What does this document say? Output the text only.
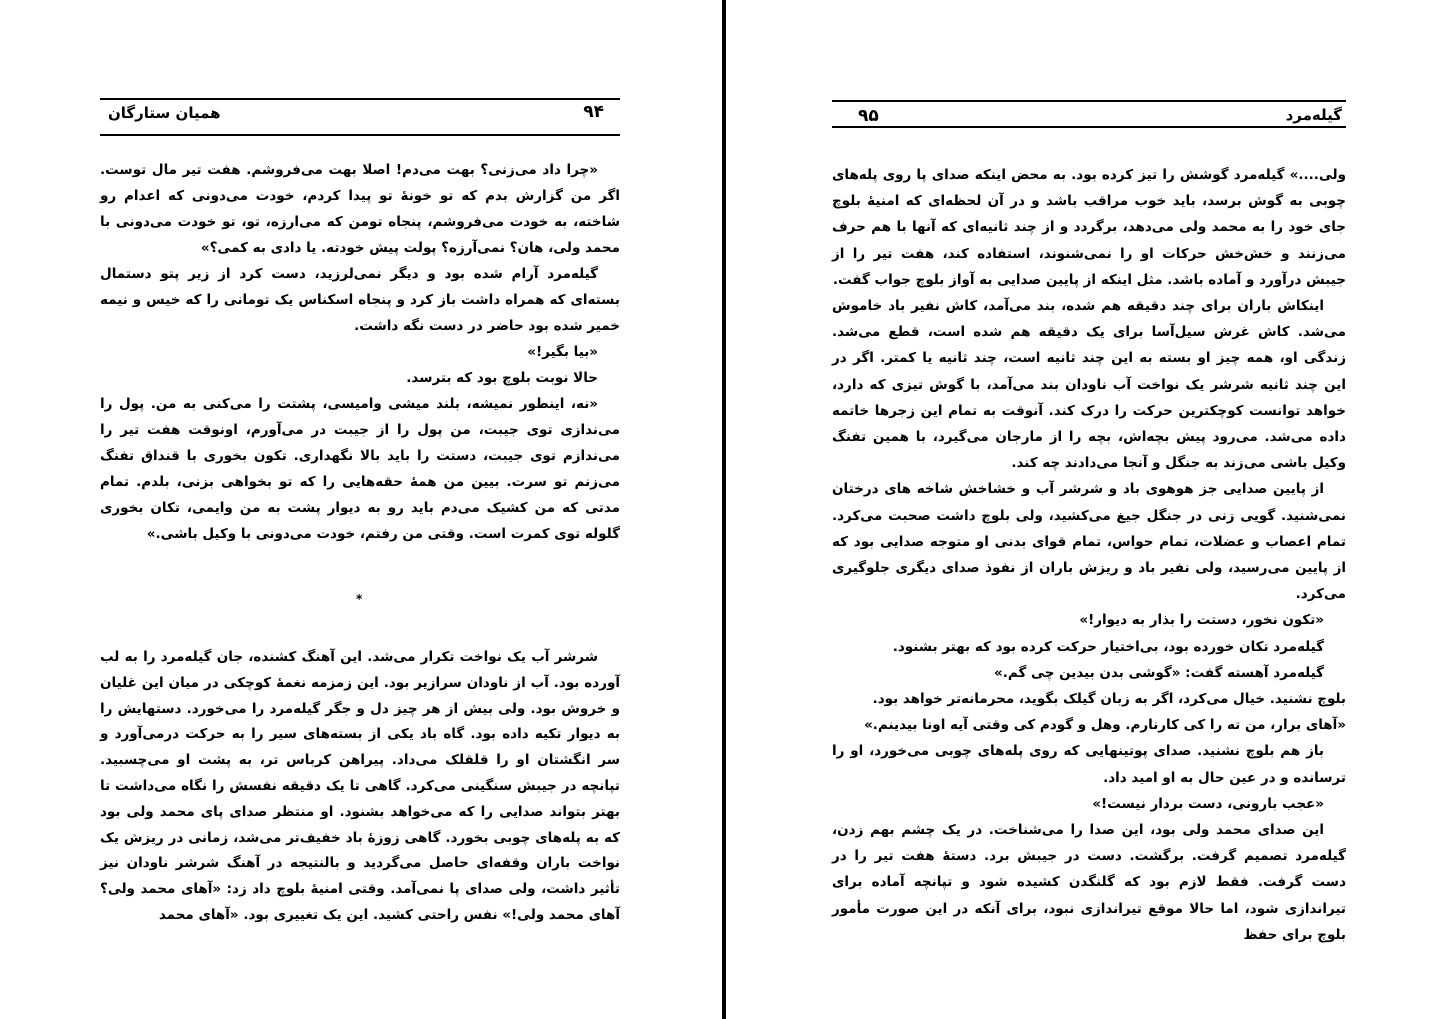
همیان ستارگان	۹۴

«چرا داد می‌زنی؟ بهت می‌دم! اصلا بهت می‌فروشم. هفت تیر مال توست. اگر من گزارش بدم که تو خونهٔ تو پیدا کردم، خودت می‌دونی که اعدام رو شاخته، به خودت می‌فروشم، پنجاه تومن که می‌ارزه، تو، تو خودت می‌دونی با محمد ولی، هان؟ نمی‌آرزه؟ پولت پیش خودته. یا دادی به کمی؟»

گیله‌مرد آرام شده بود و دیگر نمی‌لرزید، دست کرد از زیر پتو دستمال بسته‌ای که همراه داشت باز کرد و پنجاه اسکناس یک تومانی را که خیس و نیمه خمیر شده بود حاضر در دست نگه داشت.

«بیا بگیر!»

حالا نوبت بلوچ بود که بترسد.

«نه، اینطور نمیشه، بلند میشی وامیسی، پشتت را می‌کنی به من. پول را می‌ندازی توی جیبت، من پول را از جیبت در می‌آورم، اونوقت هفت تیر را می‌ندازم توی جیبت، دستت را باید بالا نگهداری. تکون بخوری با قنداق تفنگ می‌زنم تو سرت. بیین من همهٔ حقه‌هایی را که تو بخواهی بزنی، بلدم. تمام مدتی که من کشیک می‌دم باید رو به دیوار پشت به من وایمی، تکان بخوری گلوله توی کمرت است. وقتی من رفتم، خودت می‌دونی با وکیل باشی.»

*

شرشر آب یک نواخت تکرار می‌شد. این آهنگ کشنده، جان گیله‌مرد را به لب آورده بود. آب از ناودان سرازیر بود. این زمزمه نغمهٔ کوچکی در میان این غلیان و خروش بود. ولی بیش از هر چیز دل و جگر گیله‌مرد را می‌خورد. دستهایش را به دیوار تکیه داده بود. گاه باد یکی از بسته‌های سیر را به حرکت درمی‌آورد و سر انگشتان او را قلقلک می‌داد. پیراهن کرباس تر، به پشت او می‌چسبید. تپانچه در جیبش سنگینی می‌کرد. گاهی تا یک دقیقه نفسش را نگاه می‌داشت تا بهتر بتواند صدایی را که می‌خواهد بشنود. او منتظر صدای پای محمد ولی بود که به پله‌های چوبی بخورد. گاهی زوزهٔ باد خفیف‌تر می‌شد، زمانی در ریزش یک نواخت باران وقفه‌ای حاصل می‌گردید و بالنتیجه در آهنگ شرشر ناودان نیز تأثیر داشت، ولی صدای پا نمی‌آمد. وقتی امنیهٔ بلوچ داد زد: «آهای محمد ولی؟ آهای محمد ولی!» نفس راحتی کشید. این یک تغییری بود. «آهای محمد

گیله‌مرد
۹۵

ولی....» گیله‌مرد گوشش را تیز کرده بود. به محض اینکه صدای پا روی پله‌های چوبی به گوش برسد، باید خوب مراقب باشد و در آن لحظه‌ای که امنیهٔ بلوچ جای خود را به محمد ولی می‌دهد، برگردد و از چند ثانیه‌ای که آنها با هم حرف می‌زنند و خش‌خش حرکات او را نمی‌شنوند، استفاده کند، هفت تیر را از جیبش درآورد و آماده باشد. مثل اینکه از پایین صدایی به آواز بلوچ جواب گفت.

اینکاش باران برای چند دقیقه هم شده، بند می‌آمد، کاش نفیر باد خاموش می‌شد. کاش غرش سیل‌آسا برای یک دقیقه هم شده است، قطع می‌شد. زندگی او، همه چیز او بسته به این چند ثانیه است، چند ثانیه یا کمتر. اگر در این چند ثانیه شرشر یک نواخت آب ناودان بند می‌آمد، با گوش تیزی که دارد، خواهد توانست کوچکترین حرکت را درک کند. آنوقت به تمام این زجرها خاتمه داده می‌شد. می‌رود پیش بچه‌اش، بچه را از مارجان می‌گیرد، با همین تفنگ وکیل باشی می‌زند به جنگل و آنجا می‌دادند چه کند.

از پایین صدایی جز هوهوی باد و شرشر آب و خشاخش شاخه های درختان نمی‌شنید. گویی زنی در جنگل جیغ می‌کشید، ولی بلوچ داشت صحبت می‌کرد. تمام اعصاب و عضلات، تمام حواس، تمام قوای بدنی او متوجه صدایی بود که از پایین می‌رسید، ولی نفیر باد و ریزش باران از نفوذ صدای دیگری جلوگیری می‌کرد.

«تکون نخور، دستت را بذار به دیوار!»

گیله‌مرد تکان خورده بود، بی‌اختیار حرکت کرده بود که بهتر بشنود.

گیله‌مرد آهسته گفت: «گوشی بدن بیدین چی گم.»

بلوچ نشنید. خیال می‌کرد، اگر به زبان گیلک بگوید، محرمانه‌تر خواهد بود.

«آهای برار، من ته را کی کارنارم. وهل و گودم کی وقتی آیه اونا بیدینم.»

باز هم بلوچ نشنید. صدای پوتینهایی که روی پله‌های چوبی می‌خورد، او را ترسانده و در عین حال به او امید داد.

«عجب بارونی، دست بردار نیست!»

این صدای محمد ولی بود، این صدا را می‌شناخت. در یک چشم بهم زدن، گیله‌مرد تصمیم گرفت. برگشت. دست در جیبش برد. دستهٔ هفت تیر را در دست گرفت. فقط لازم بود که گلنگدن کشیده شود و تپانچه آماده برای تیراندازی شود، اما حالا موقع تیراندازی نبود، برای آنکه در این صورت مأمور بلوچ برای حفظ
